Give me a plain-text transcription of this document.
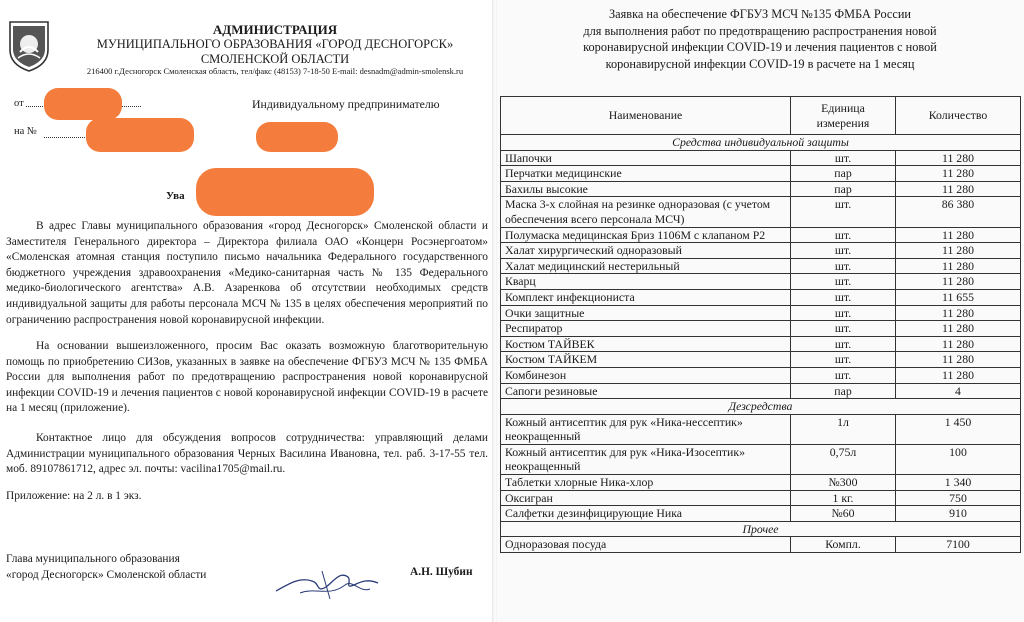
АДМИНИСТРАЦИЯ
МУНИЦИПАЛЬНОГО ОБРАЗОВАНИЯ «ГОРОД ДЕСНОГОРСК»
СМОЛЕНСКОЙ ОБЛАСТИ
216400 г.Десногорск Смоленская область, тел/факс (48153) 7-18-50 E-mail: desnadm@admin-smolensk.ru
от
на №
Индивидуальному предпринимателю
Ува
В адрес Главы муниципального образования «город Десногорск» Смоленской области и Заместителя Генерального директора – Директора филиала ОАО «Концерн Росэнергоатом» «Смоленская атомная станция поступило письмо начальника Федерального государственного бюджетного учреждения здравоохранения «Медико-санитарная часть № 135 Федерального медико-биологического агентства» А.В. Азаренкова об отсутствии необходимых средств индивидуальной защиты для работы персонала МСЧ № 135 в целях обеспечения мероприятий по ограничению распространения новой коронавирусной инфекции.
На основании вышеизложенного, просим Вас оказать возможную благотворительную помощь по приобретению СИЗов, указанных в заявке на обеспечение ФГБУЗ МСЧ № 135 ФМБА России для выполнения работ по предотвращению распространения новой коронавирусной инфекции COVID-19 и лечения пациентов с новой коронавирусной инфекции COVID-19 в расчете на 1 месяц (приложение).
Контактное лицо для обсуждения вопросов сотрудничества: управляющий делами Администрации муниципального образования Черных Василина Ивановна, тел. раб. 3-17-55 тел. моб. 89107861712, адрес эл. почты: vacilina1705@mail.ru.
Приложение: на 2 л. в 1 экз.
Глава муниципального образования
«город Десногорск» Смоленской области	А.Н. Шубин
Заявка на обеспечение ФГБУЗ МСЧ №135 ФМБА России
для выполнения работ по предотвращению распространения новой
коронавирусной инфекции COVID-19 и лечения пациентов с новой
коронавирусной инфекции COVID-19 в расчете на 1 месяц
Наименование	Единица измерения	Количество
Средства индивидуальной защиты		
Шапочки	шт.	11 280
Перчатки медицинские	пар	11 280
Бахилы высокие	пар	11 280
Маска 3-х слойная на резинке одноразовая (с учетом обеспечения всего персонала МСЧ)	шт.	86 380
Полумаска медицинская Бриз 1106М с клапаном Р2	шт.	11 280
Халат хирургический одноразовый	шт.	11 280
Халат медицинский нестерильный	шт.	11 280
Кварц	шт.	11 280
Комплект инфекциониста	шт.	11 655
Очки защитные	шт.	11 280
Респиратор	шт.	11 280
Костюм ТАЙВЕК	шт.	11 280
Костюм ТАЙКЕМ	шт.	11 280
Комбинезон	шт.	11 280
Сапоги резиновые	пар	4
Дезсредства		
Кожный антисептик для рук «Ника-нессептик» неокращенный	1л	1 450
Кожный антисептик для рук «Ника-Изосептик» неокращенный	0,75л	100
Таблетки хлорные Ника-хлор	№300	1 340
Оксигран	1 кг.	750
Салфетки дезинфицирующие Ника	№60	910
Прочее		
Одноразовая посуда	Компл.	7100
